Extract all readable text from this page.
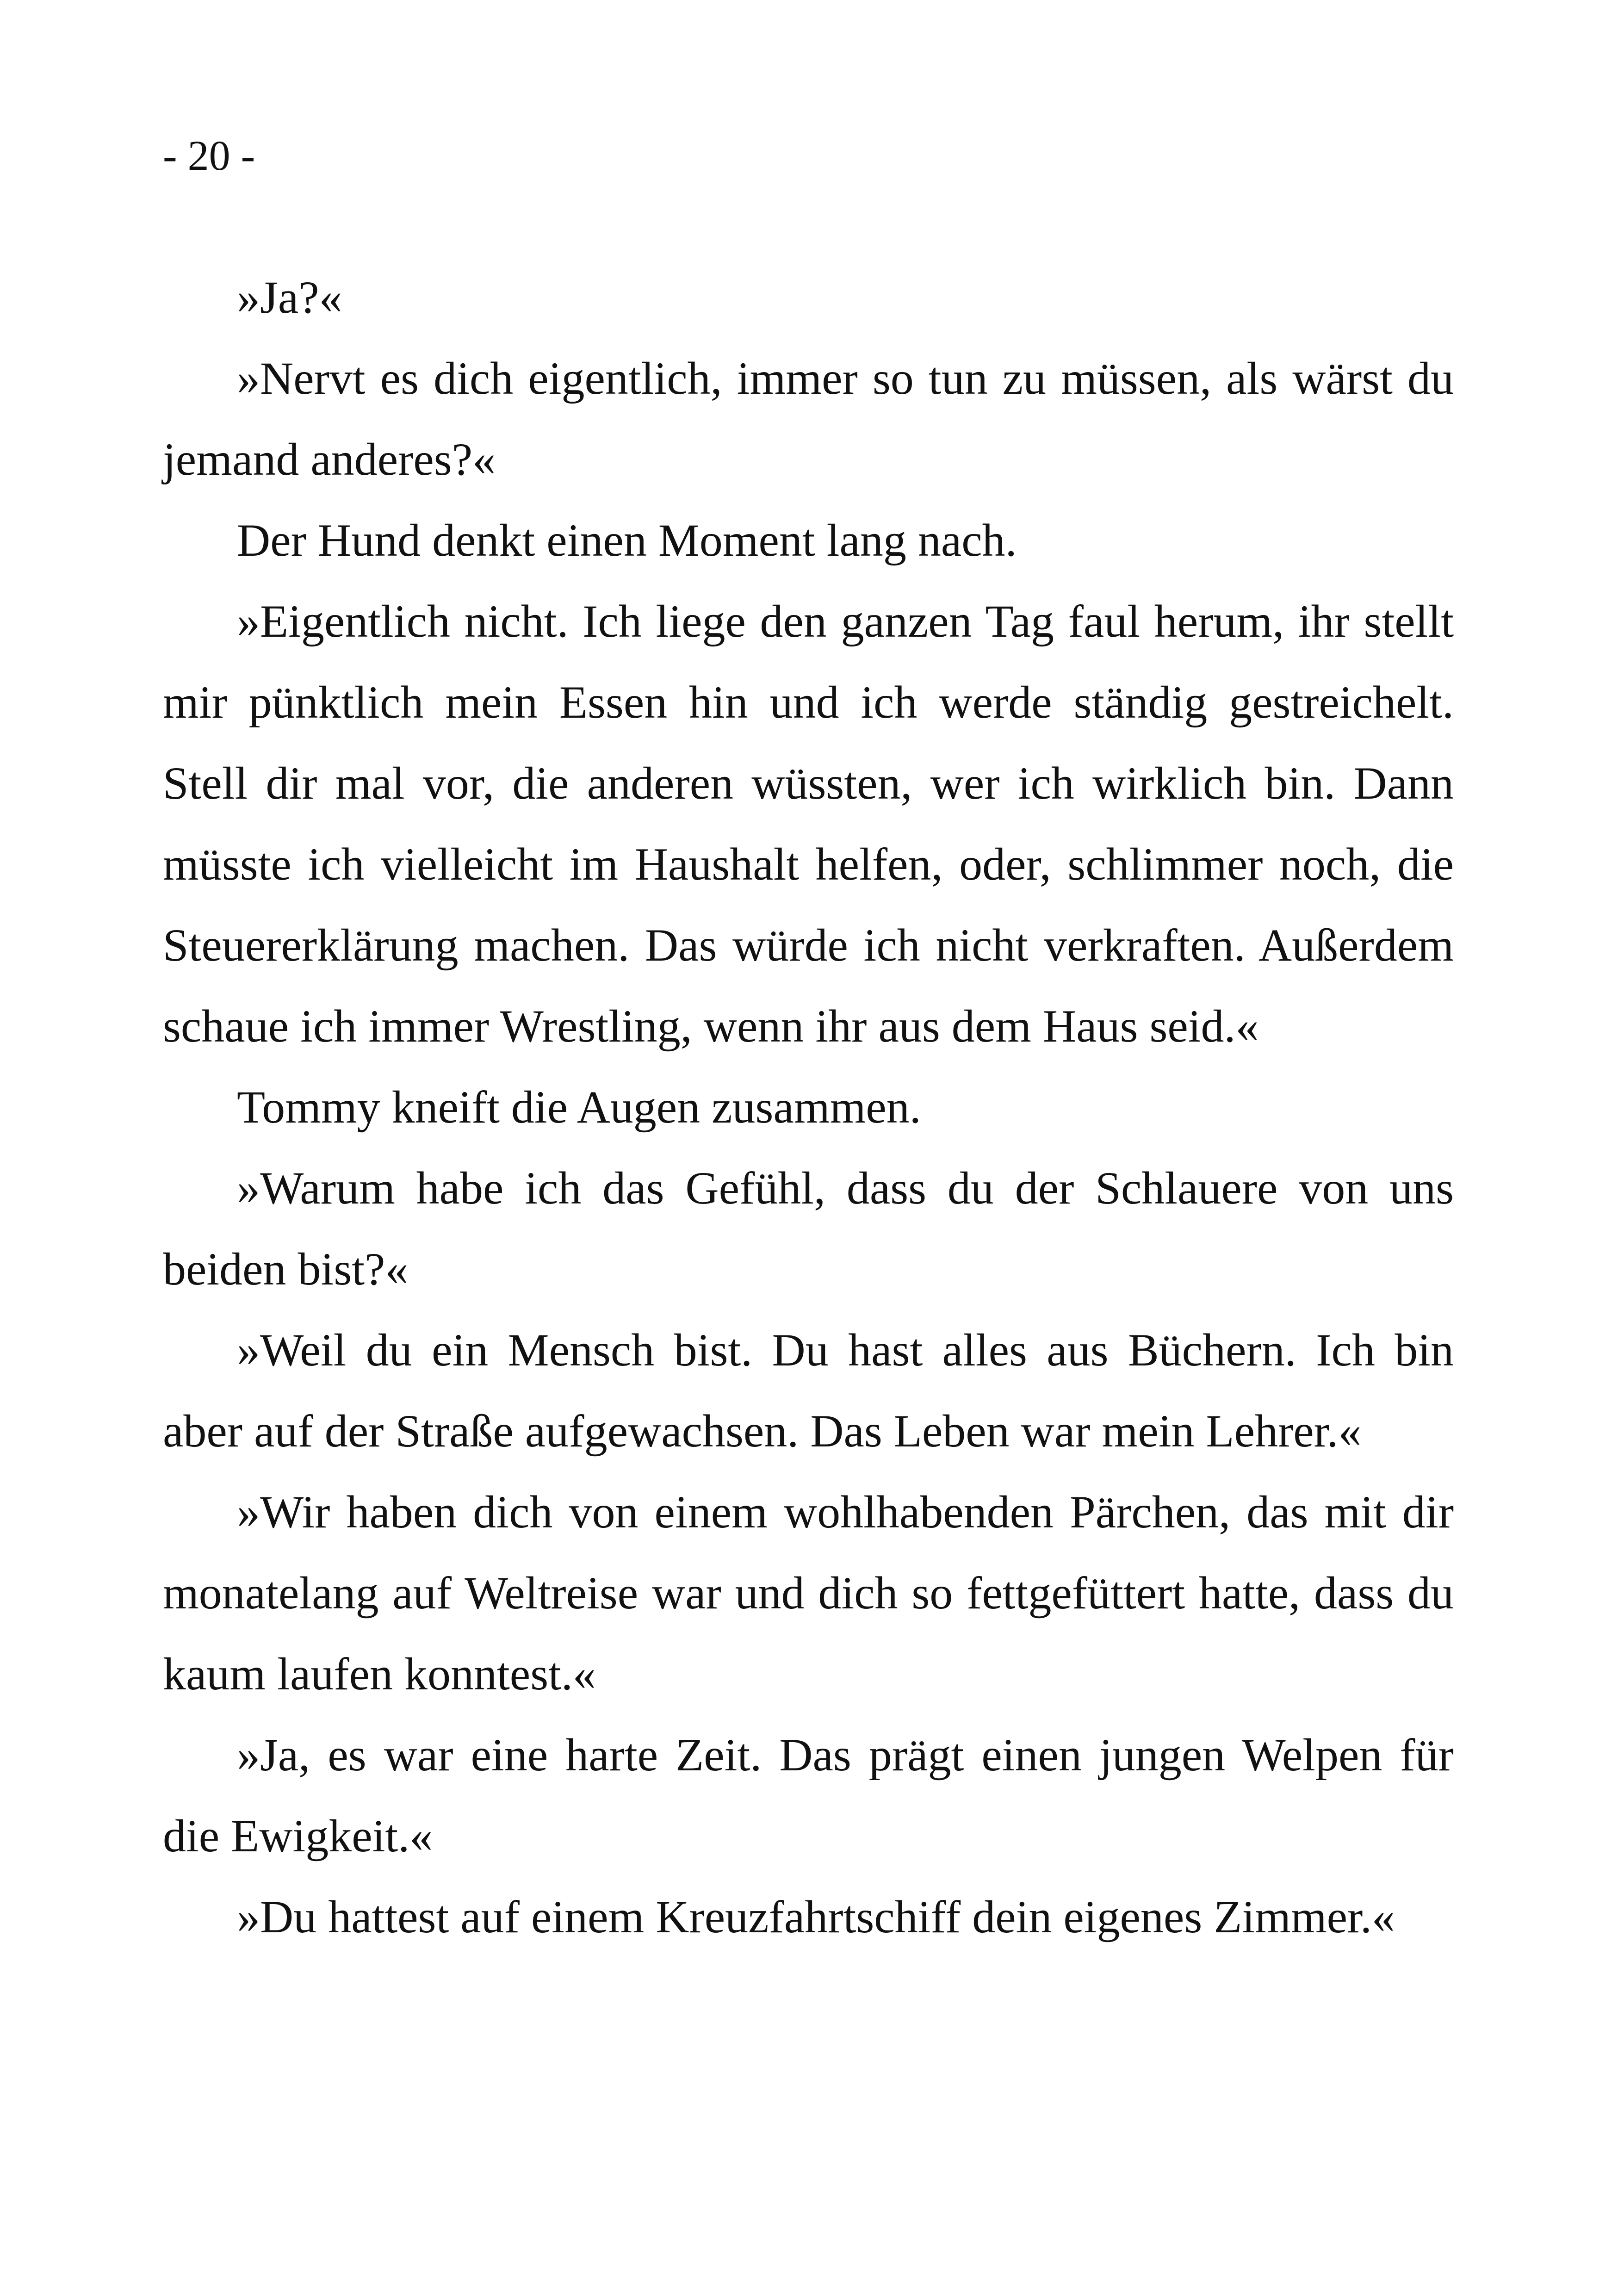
- 20 -

»Ja?«

»Nervt es dich eigentlich, immer so tun zu müssen, als wärst du jemand anderes?«

Der Hund denkt einen Moment lang nach.

»Eigentlich nicht. Ich liege den ganzen Tag faul herum, ihr stellt mir pünktlich mein Essen hin und ich werde ständig gestreichelt. Stell dir mal vor, die anderen wüssten, wer ich wirklich bin. Dann müsste ich vielleicht im Haushalt helfen, oder, schlimmer noch, die Steuererklärung machen. Das würde ich nicht verkraften. Außerdem schaue ich immer Wrestling, wenn ihr aus dem Haus seid.«

Tommy kneift die Augen zusammen.

»Warum habe ich das Gefühl, dass du der Schlauere von uns beiden bist?«

»Weil du ein Mensch bist. Du hast alles aus Büchern. Ich bin aber auf der Straße aufgewachsen. Das Leben war mein Lehrer.«

»Wir haben dich von einem wohlhabenden Pärchen, das mit dir monatelang auf Weltreise war und dich so fettgefüttert hatte, dass du kaum laufen konntest.«

»Ja, es war eine harte Zeit. Das prägt einen jungen Welpen für die Ewigkeit.«

»Du hattest auf einem Kreuzfahrtschiff dein eigenes Zimmer.«
